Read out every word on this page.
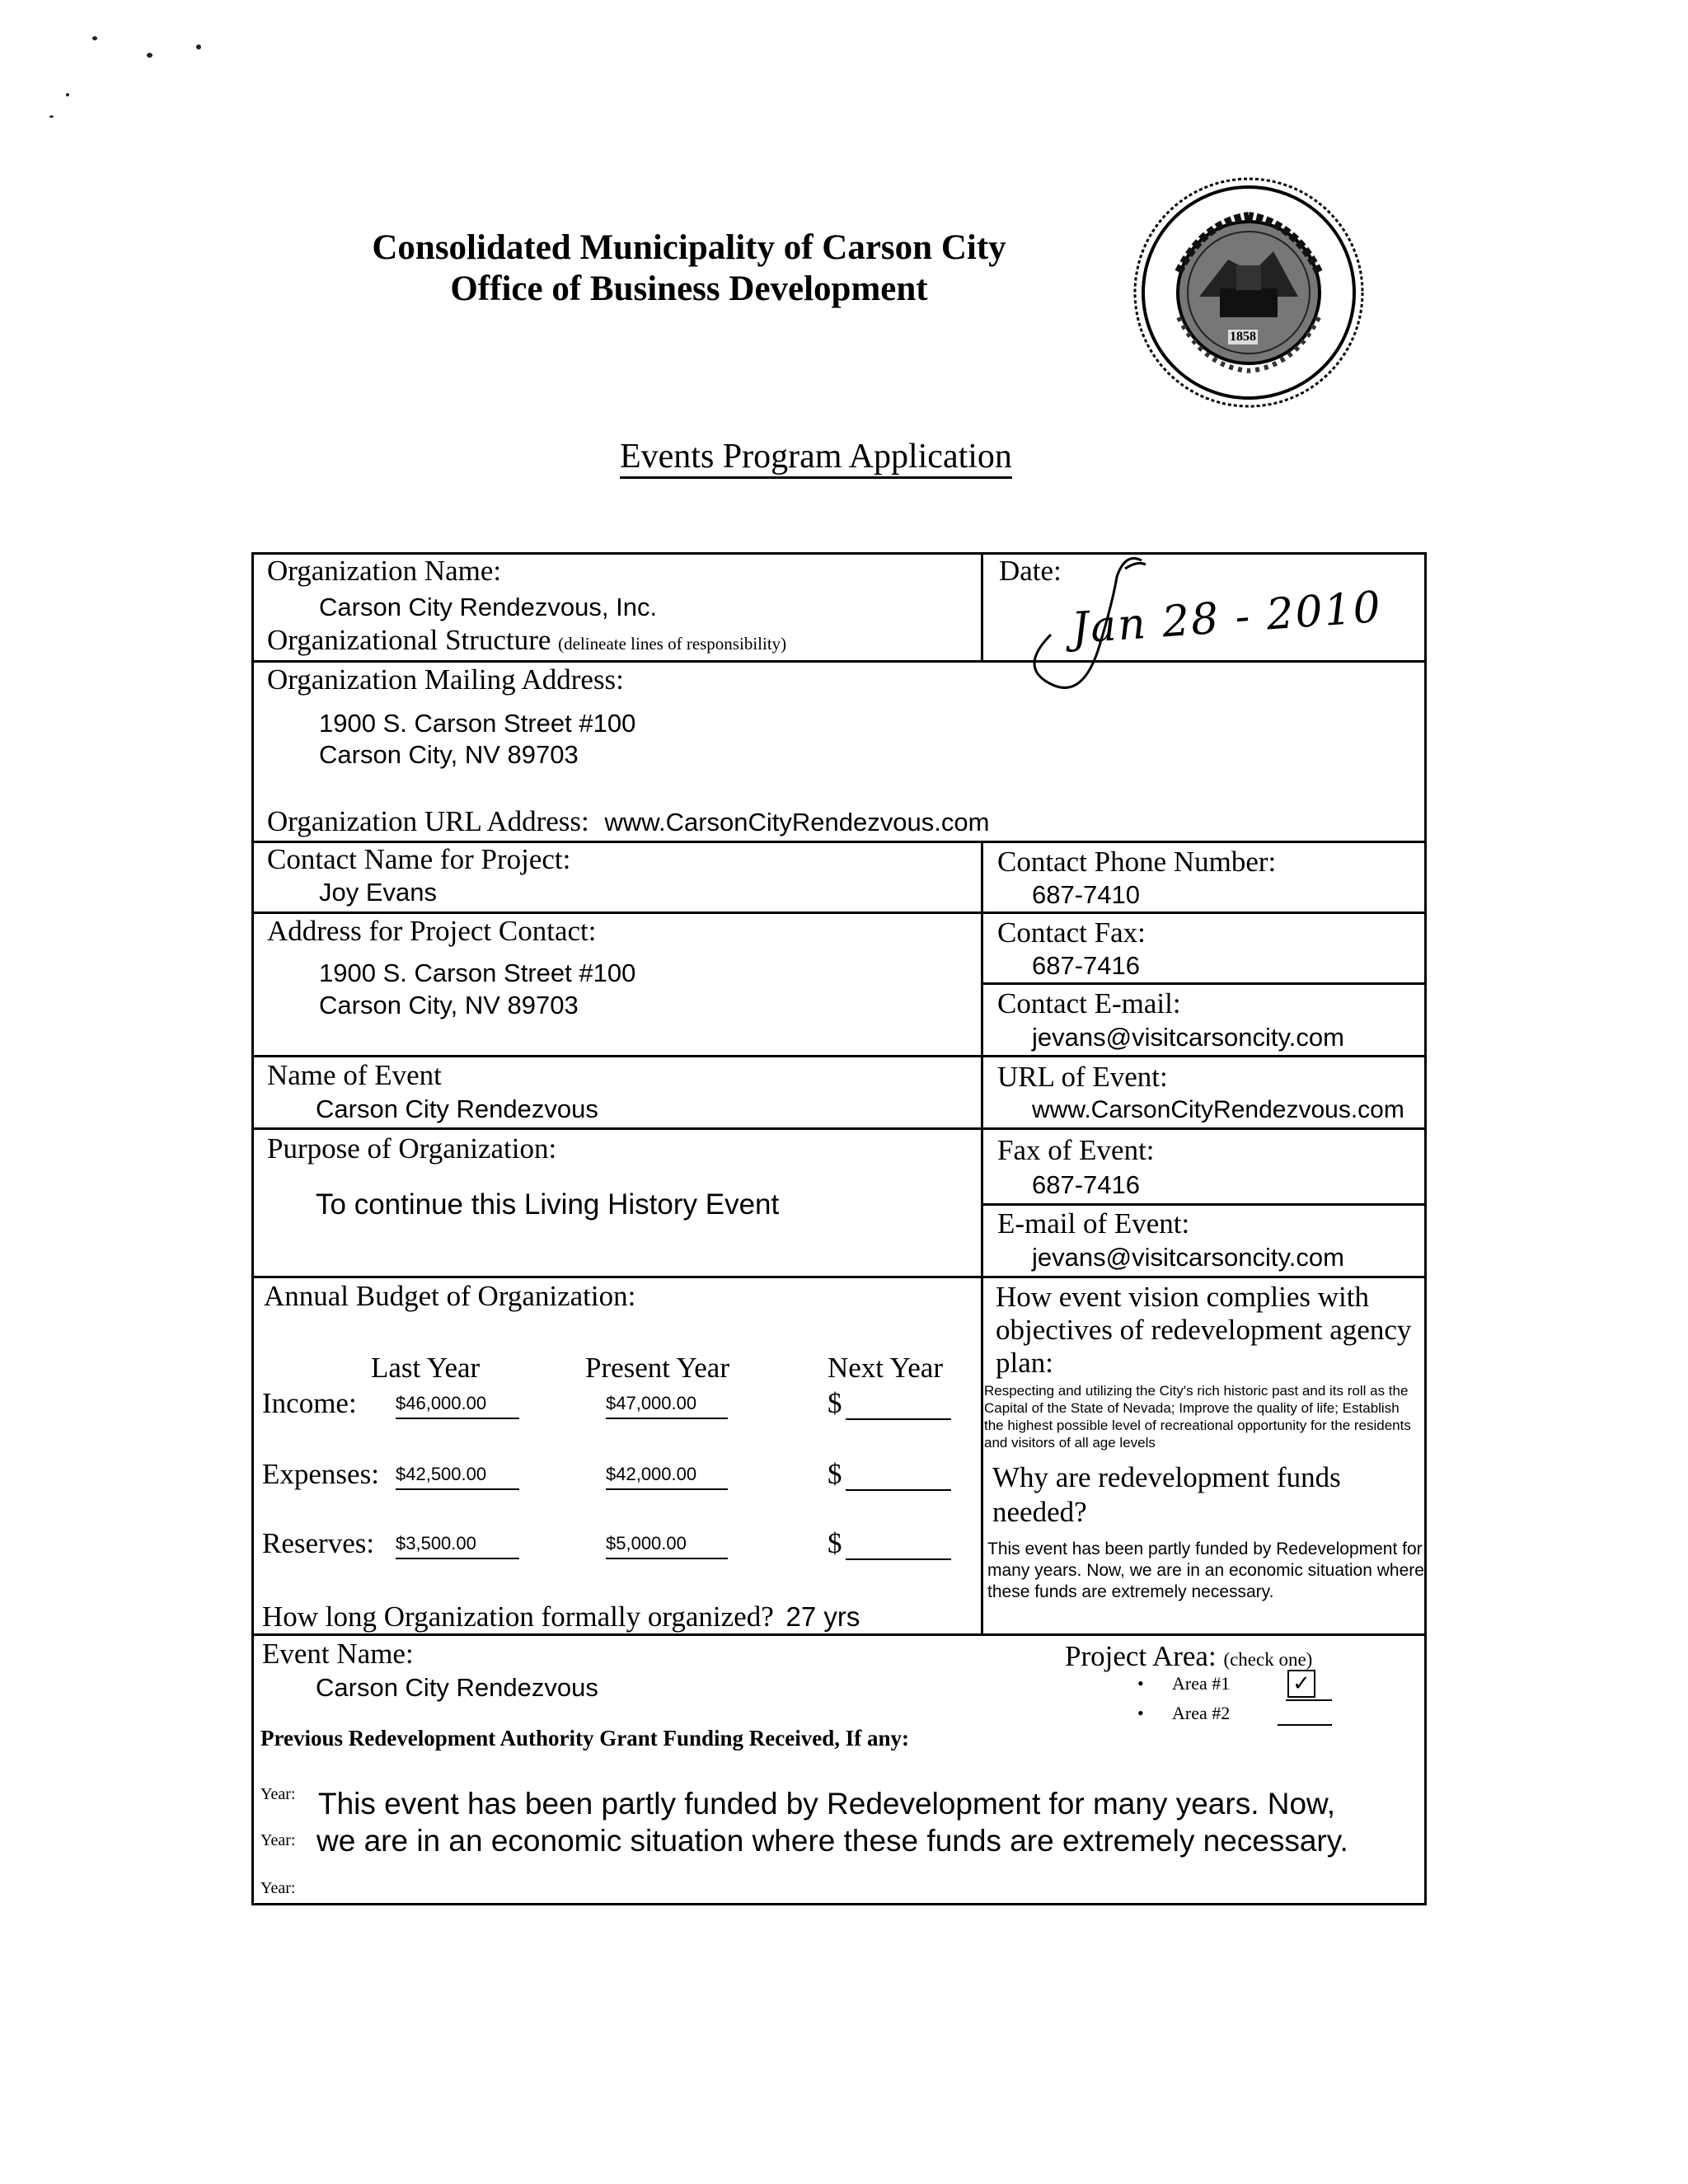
Consolidated Municipality of Carson City
Office of Business Development
1858
Events Program Application
Organization Name:
Carson City Rendezvous, Inc.
Organizational Structure (delineate lines of responsibility)
Date:
Jan 28 - 2010
Organization Mailing Address:
1900 S. Carson Street #100
Carson City, NV 89703
Organization URL Address: www.CarsonCityRendezvous.com
Contact Name for Project:
Joy Evans
Contact Phone Number:
687-7410
Address for Project Contact:
1900 S. Carson Street #100
Carson City, NV 89703
Contact Fax:
687-7416
Contact E-mail:
jevans@visitcarsoncity.com
Name of Event
Carson City Rendezvous
URL of Event:
www.CarsonCityRendezvous.com
Purpose of Organization:
To continue this Living History Event
Fax of Event:
687-7416
E-mail of Event:
jevans@visitcarsoncity.com
Annual Budget of Organization:
Last Year	Present Year	Next Year
Income: $46,000.00	$47,000.00	$
Expenses: $42,500.00	$42,000.00	$
Reserves: $3,500.00	$5,000.00	$
How long Organization formally organized? 27 yrs
How event vision complies with objectives of redevelopment agency plan:
Respecting and utilizing the City's rich historic past and its roll as the Capital of the State of Nevada; Improve the quality of life; Establish the highest possible level of recreational opportunity for the residents and visitors of all age levels
Why are redevelopment funds needed?
This event has been partly funded by Redevelopment for many years. Now, we are in an economic situation where these funds are extremely necessary.
Event Name:
Carson City Rendezvous
Project Area: (check one)
• Area #1	✓
• Area #2
Previous Redevelopment Authority Grant Funding Received, If any:
Year: This event has been partly funded by Redevelopment for many years. Now,
Year: we are in an economic situation where these funds are extremely necessary.
Year:
